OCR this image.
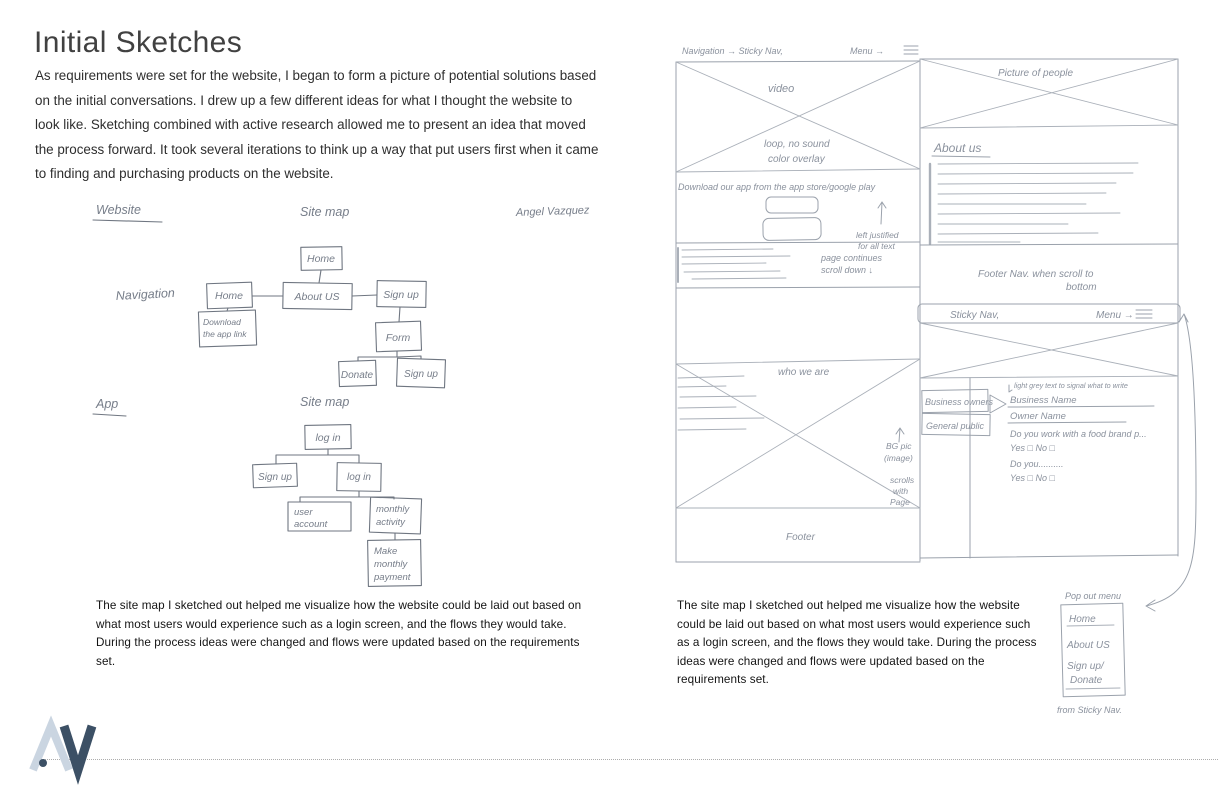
Initial Sketches
As requirements were set for the website, I began to form a picture of potential solutions based on the initial conversations. I drew up a few different ideas for what I thought the website to look like. Sketching combined with active research allowed me to present an idea that moved the process forward. It took several iterations to think up a way that put users first when it came to finding and purchasing products on the website.
Website	Site map	Angel Vazquez
Navigation
Home
About US
Home	Sign up
Download
the app link	Form
Donate	Sign up
App	Site map
log in
Sign up	log in
user
account
monthly
activity
Make
monthly
payment
Navigation → Sticky Nav,	Menu →
video
loop, no sound
color overlay
Download our app from the app store/google play
left justified
for all text
page continues
scroll down ↓
Picture of people
About us
Footer Nav. when scroll to
bottom
who we are
BG pic
(image)
scrolls
with
Page
Footer
Sticky Nav,	Menu →
Business owners
General public
light grey text to signal what to write
Business Name
Owner Name
Do you work with a food brand p...
Yes □ No □
Do you..........
Yes □ No □
Pop out menu
Home
About US
Sign up/
Donate
from Sticky Nav.
The site map I sketched out helped me visualize how the website could be laid out based on what most users would experience such as a login screen, and the flows they would take. During the process ideas were changed and flows were updated based on the requirements set.
The site map I sketched out helped me visualize how the website could be laid out based on what most users would experience such as a login screen, and the flows they would take. During the process ideas were changed and flows were updated based on the requirements set.
